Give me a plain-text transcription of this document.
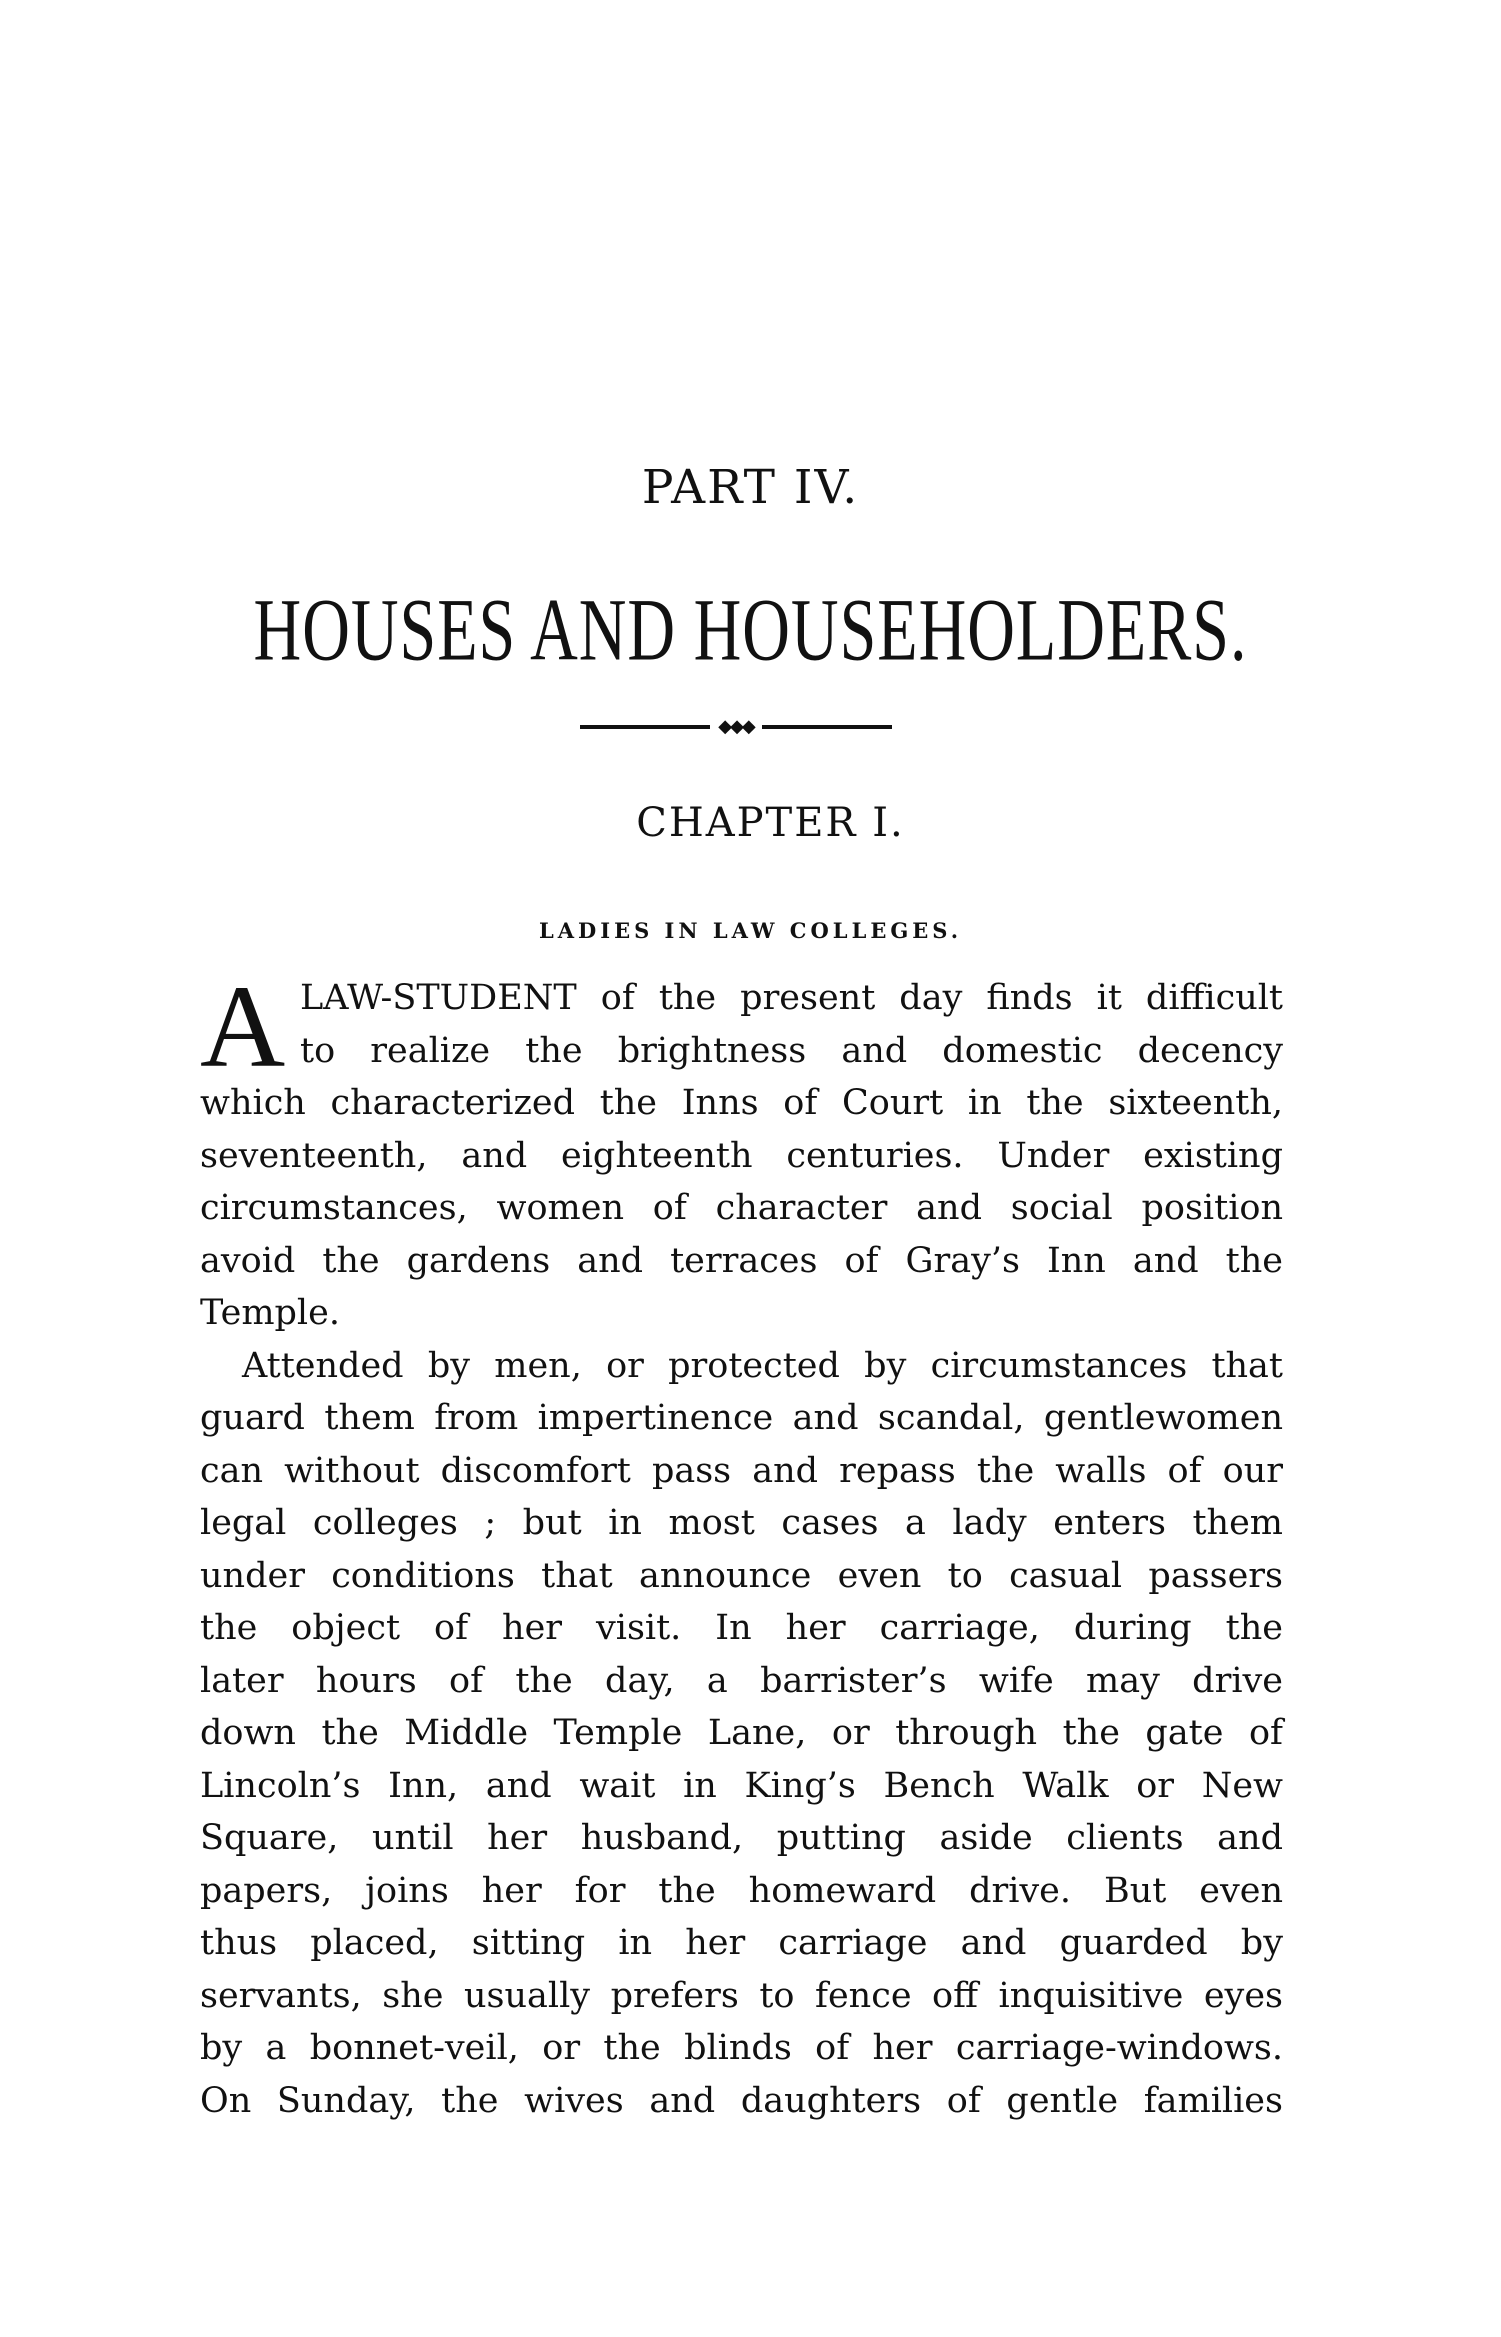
PART IV.
HOUSES AND HOUSEHOLDERS.
◆◆◆
CHAPTER I.
LADIES IN LAW COLLEGES.
A LAW-STUDENT of the present day finds it difficult
to realize the brightness and domestic decency
which characterized the Inns of Court in the sixteenth,
seventeenth, and eighteenth centuries. Under existing
circumstances, women of character and social position
avoid the gardens and terraces of Gray’s Inn and the
Temple.
Attended by men, or protected by circumstances that
guard them from impertinence and scandal, gentlewomen
can without discomfort pass and repass the walls of our
legal colleges ; but in most cases a lady enters them
under conditions that announce even to casual passers
the object of her visit. In her carriage, during the
later hours of the day, a barrister’s wife may drive
down the Middle Temple Lane, or through the gate of
Lincoln’s Inn, and wait in King’s Bench Walk or New
Square, until her husband, putting aside clients and
papers, joins her for the homeward drive. But even
thus placed, sitting in her carriage and guarded by
servants, she usually prefers to fence off inquisitive eyes
by a bonnet-veil, or the blinds of her carriage-windows.
On Sunday, the wives and daughters of gentle families
